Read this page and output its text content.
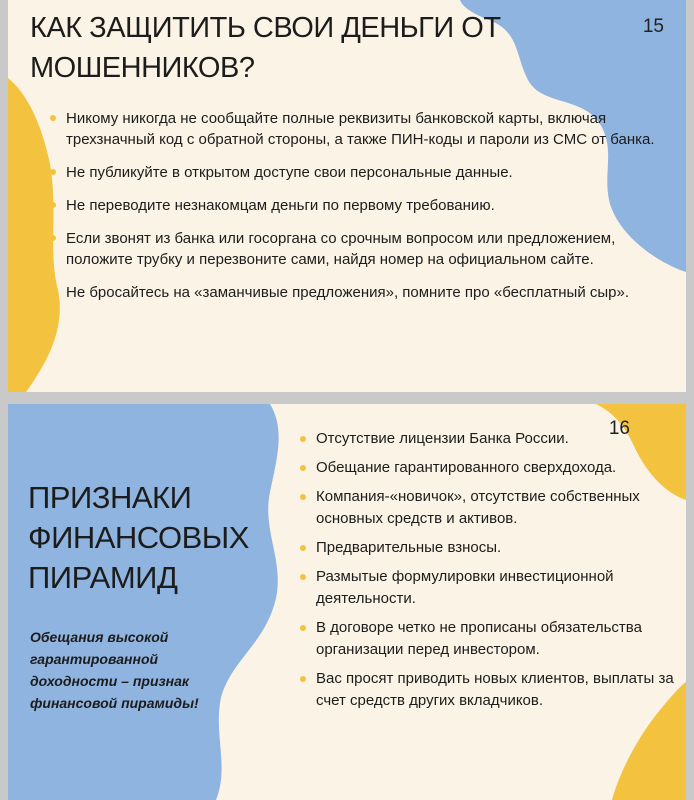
КАК ЗАЩИТИТЬ СВОИ ДЕНЬГИ ОТ
МОШЕННИКОВ?
15
Никому никогда не сообщайте полные реквизиты банковской карты, включая трехзначный код с обратной стороны, а также ПИН-коды и пароли из СМС от банка.
Не публикуйте в открытом доступе свои персональные данные.
Не переводите незнакомцам деньги по первому требованию.
Если звонят из банка или госоргана со срочным вопросом или предложением, положите трубку и перезвоните сами, найдя номер на официальном сайте.
Не бросайтесь на «заманчивые предложения», помните про «бесплатный сыр».
16
ПРИЗНАКИ
ФИНАНСОВЫХ
ПИРАМИД

Обещания высокой
гарантированной
доходности – признак
финансовой пирамиды!

Отсутствие лицензии Банка России.
Обещание гарантированного сверхдохода.
Компания-«новичок», отсутствие собственных основных средств и активов.
Предварительные взносы.
Размытые формулировки инвестиционной деятельности.
В договоре четко не прописаны обязательства организации перед инвестором.
Вас просят приводить новых клиентов, выплаты за счет средств других вкладчиков.
